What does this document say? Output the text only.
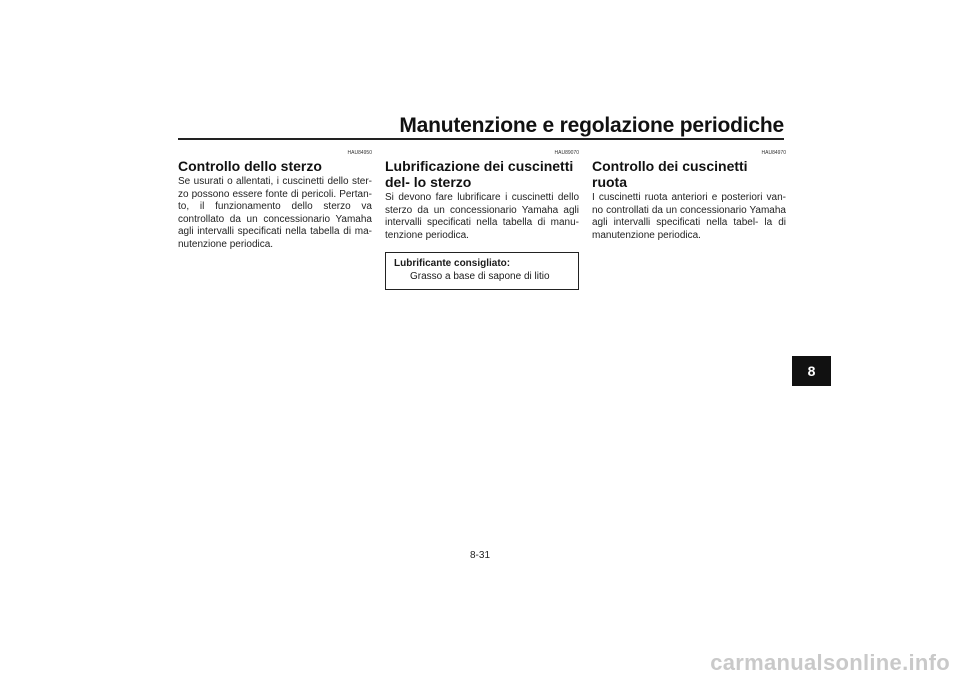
Manutenzione e regolazione periodiche
HAU84950
Controllo dello sterzo

Se usurati o allentati, i cuscinetti dello ster- zo possono essere fonte di pericoli. Pertan- to, il funzionamento dello sterzo va controllato da un concessionario Yamaha agli intervalli specificati nella tabella di ma- nutenzione periodica.

HAU89070
Lubrificazione dei cuscinetti del- lo sterzo

Si devono fare lubrificare i cuscinetti dello sterzo da un concessionario Yamaha agli intervalli specificati nella tabella di manu- tenzione periodica.

Lubrificante consigliato:
Grasso a base di sapone di litio
HAU84970
Controllo dei cuscinetti ruota

I cuscinetti ruota anteriori e posteriori van- no controllati da un concessionario Yamaha agli intervalli specificati nella tabel- la di manutenzione periodica.

8
8-31
carmanualsonline.info
